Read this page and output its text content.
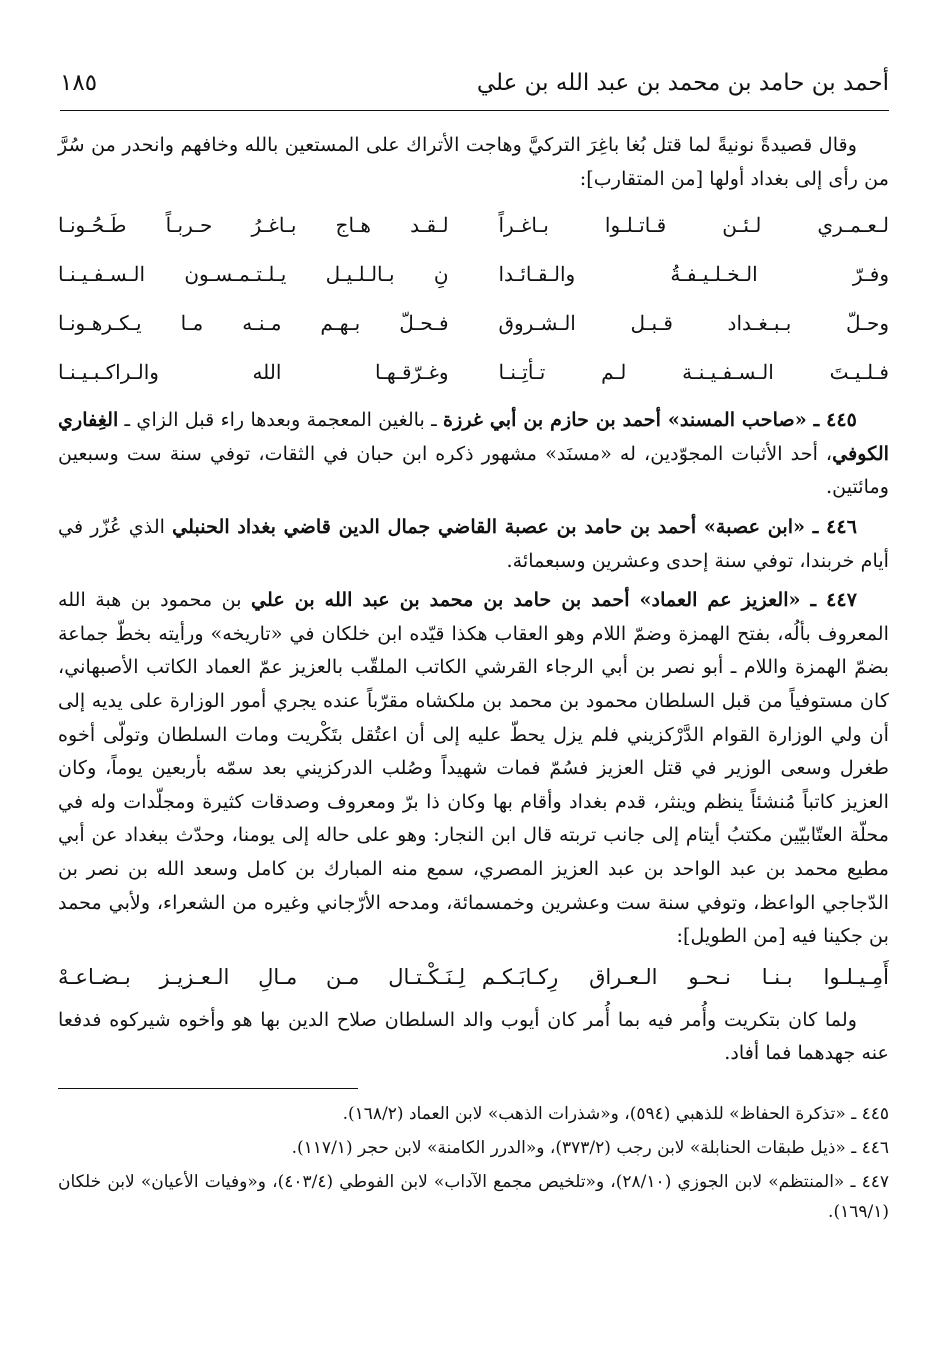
أحمد بن حامد بن محمد بن عبد الله بن علي
١٨٥

وقال قصيدةً نونيةً لما قتل بُغا باغِرَ التركيَّ وهاجت الأتراك على المستعين بالله وخافهم وانحدر من سُرَّ من رأى إلى بغداد أولها [من المتقارب]:

لـعـمـري لـئـن قـاتـلـوا بـاغـراً
لـقـد هـاج بـاغـرُ حـربـاً طَـحُـونـا
وفـرّ الـخـلـيـفـةُ والـقـائـدا
نِ بـالـلـيـل يـلـتـمـسـون الـسـفـيـنـا
وحـلّ بـبـغـداد قـبـل الـشـروق
فـحـلّ بـهـم مـنـه مـا يـكـرهـونـا
فـلـيـتَ الـسـفـيـنـة لـم تـأتِـنـا
وغـرّقـهـا الله والـراكـبـيـنـا

٤٤٥ ـ «صاحب المسند» أحمد بن حازم بن أبي غرزة ـ بالغين المعجمة وبعدها راء قبل الزاي ـ الغِفاري الكوفي، أحد الأثبات المجوّدين، له «مسنَد» مشهور ذكره ابن حبان في الثقات، توفي سنة ست وسبعين ومائتين.

٤٤٦ ـ «ابن عصبة» أحمد بن حامد بن عصبة القاضي جمال الدين قاضي بغداد الحنبلي الذي عُزّر في أيام خربندا، توفي سنة إحدى وعشرين وسبعمائة.

٤٤٧ ـ «العزيز عم العماد» أحمد بن حامد بن محمد بن عبد الله بن علي بن محمود بن هبة الله المعروف بألُه، بفتح الهمزة وضمّ اللام وهو العقاب هكذا قيّده ابن خلكان في «تاريخه» ورأيته بخطّ جماعة بضمّ الهمزة واللام ـ أبو نصر بن أبي الرجاء القرشي الكاتب الملقّب بالعزيز عمّ العماد الكاتب الأصبهاني، كان مستوفياً من قبل السلطان محمود بن محمد بن ملكشاه مقرّباً عنده يجري أمور الوزارة على يديه إلى أن ولي الوزارة القوام الدَّرْكزيني فلم يزل يحطّ عليه إلى أن اعتُقل بتَكْريت ومات السلطان وتولّى أخوه طغرل وسعى الوزير في قتل العزيز فسُمّ فمات شهيداً وصُلب الدركزيني بعد سمّه بأربعين يوماً، وكان العزيز كاتباً مُنشئاً ينظم وينثر، قدم بغداد وأقام بها وكان ذا برّ ومعروف وصدقات كثيرة ومجلّدات وله في محلّة العتّابيّين مكتبُ أيتام إلى جانب تربته قال ابن النجار: وهو على حاله إلى يومنا، وحدّث ببغداد عن أبي مطيع محمد بن عبد الواحد بن عبد العزيز المصري، سمع منه المبارك بن كامل وسعد الله بن نصر بن الدّجاجي الواعظ، وتوفي سنة ست وعشرين وخمسمائة، ومدحه الأرّجاني وغيره من الشعراء، ولأبي محمد بن جكينا فيه [من الطويل]:

أَمِـيـلـوا بـنـا نـحـو الـعـراق رِكـابَـكـم
لِـنَـكْـتـال مـن مـالِ الـعـزيـز بـضـاعـهْ

ولما كان بتكريت وأُمر فيه بما أُمر كان أيوب والد السلطان صلاح الدين بها هو وأخوه شيركوه فدفعا عنه جهدهما فما أفاد.

٤٤٥ ـ «تذكرة الحفاظ» للذهبي (٥٩٤)، و«شذرات الذهب» لابن العماد (١٦٨/٢).

٤٤٦ ـ «ذيل طبقات الحنابلة» لابن رجب (٣٧٣/٢)، و«الدرر الكامنة» لابن حجر (١١٧/١).

٤٤٧ ـ «المنتظم» لابن الجوزي (٢٨/١٠)، و«تلخيص مجمع الآداب» لابن الفوطي (٤٠٣/٤)، و«وفيات الأعيان» لابن خلكان (١٦٩/١).
